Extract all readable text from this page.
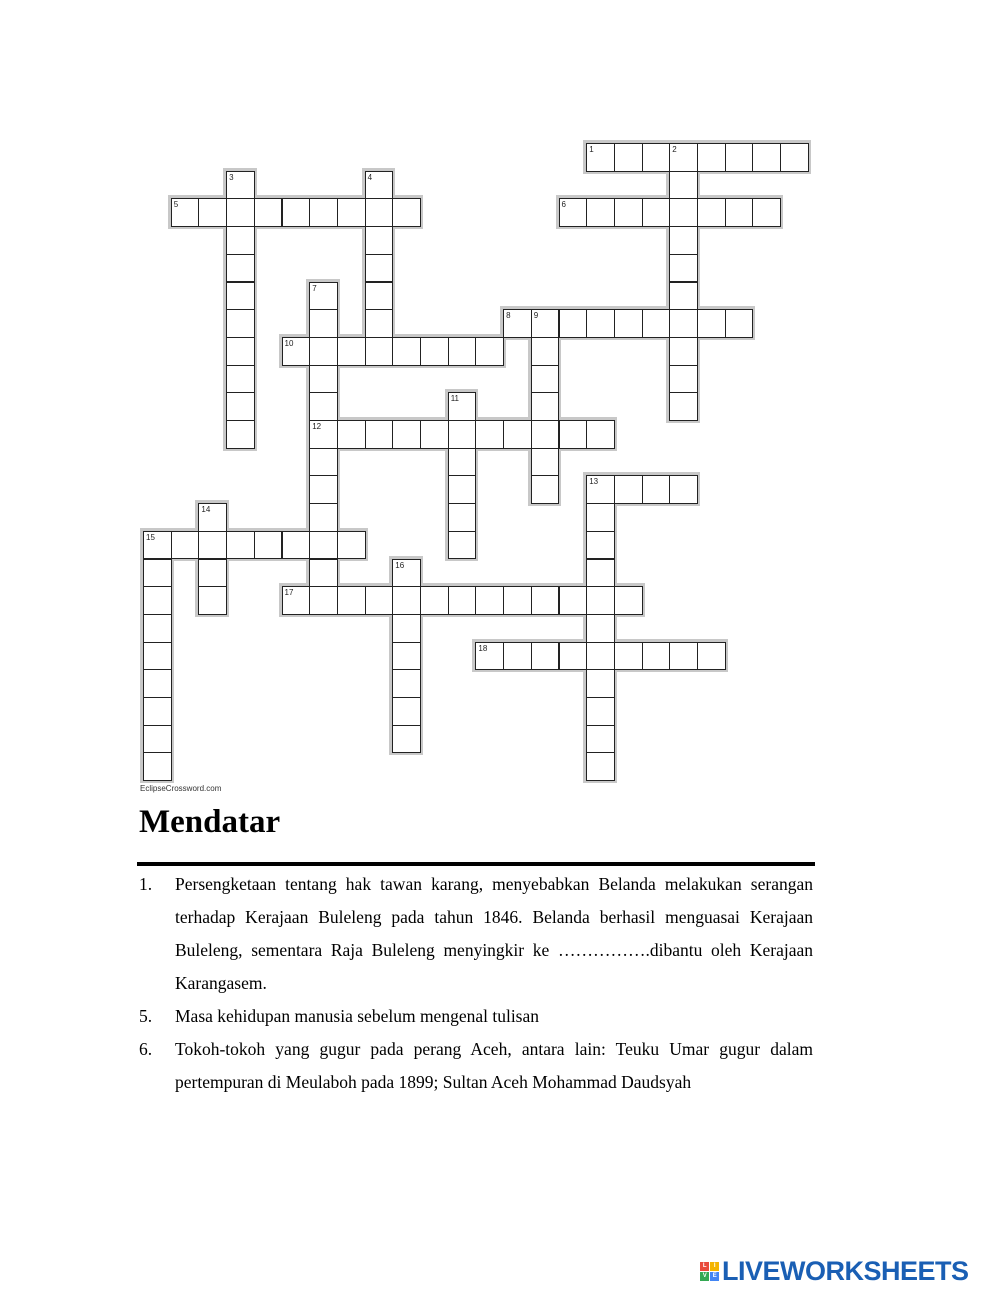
1	2
3	4
5	6
7
12
8	9
10
11
13
14
15
16
17
18
EclipseCrossword.com
Mendatar
1.	Persengketaan tentang hak tawan karang, menyebabkan Belanda melakukan serangan terhadap Kerajaan Buleleng pada tahun 1846. Belanda berhasil menguasai Kerajaan Buleleng, sementara Raja Buleleng menyingkir ke …………….dibantu oleh Kerajaan Karangasem.
5.	Masa kehidupan manusia sebelum mengenal tulisan
6.	Tokoh-tokoh yang gugur pada perang Aceh, antara lain: Teuku Umar gugur dalam pertempuran di Meulaboh pada 1899; Sultan Aceh Mohammad Daudsyah
L	I
V	E LIVEWORKSHEETS
